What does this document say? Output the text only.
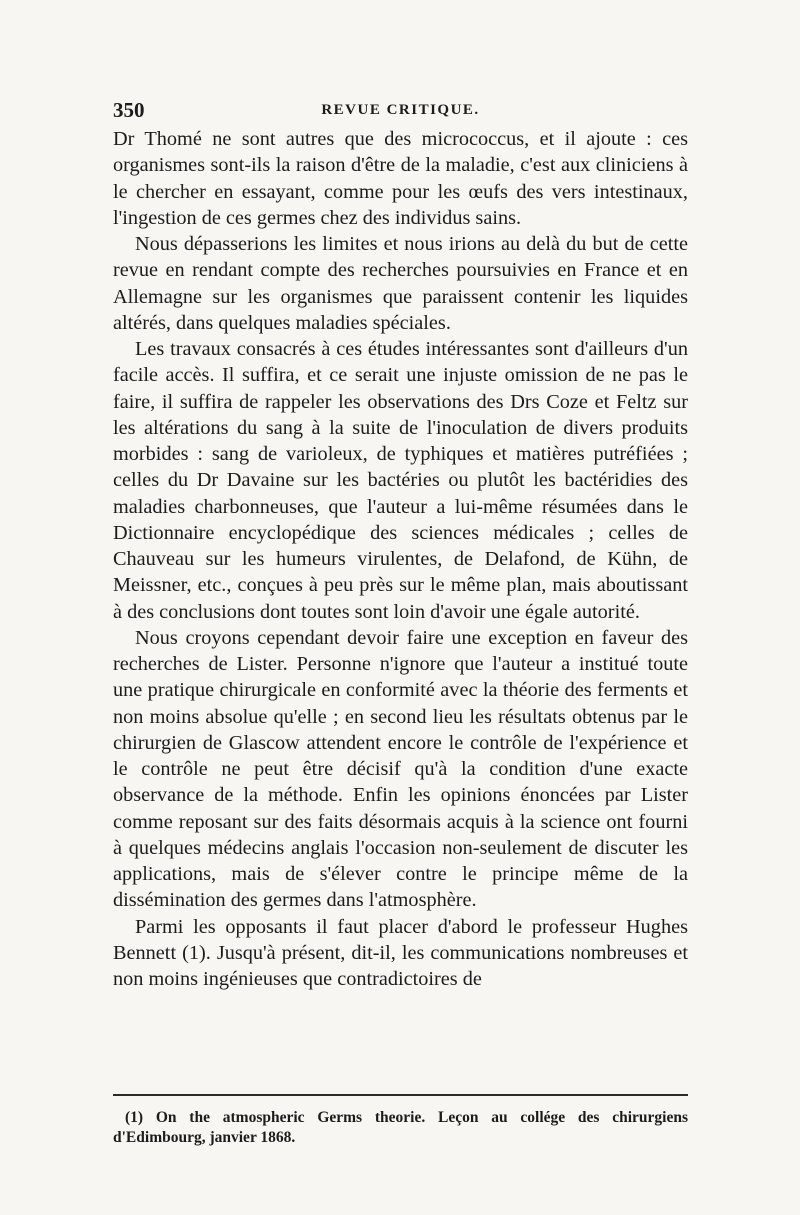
350	REVUE CRITIQUE.

Dr Thomé ne sont autres que des micrococcus, et il ajoute : ces organismes sont-ils la raison d'être de la maladie, c'est aux cliniciens à le chercher en essayant, comme pour les œufs des vers intestinaux, l'ingestion de ces germes chez des individus sains.

Nous dépasserions les limites et nous irions au delà du but de cette revue en rendant compte des recherches poursuivies en France et en Allemagne sur les organismes que paraissent contenir les liquides altérés, dans quelques maladies spéciales.

Les travaux consacrés à ces études intéressantes sont d'ailleurs d'un facile accès. Il suffira, et ce serait une injuste omission de ne pas le faire, il suffira de rappeler les observations des Drs Coze et Feltz sur les altérations du sang à la suite de l'inoculation de divers produits morbides : sang de varioleux, de typhiques et matières putréfiées ; celles du Dr Davaine sur les bactéries ou plutôt les bactéridies des maladies charbonneuses, que l'auteur a lui-même résumées dans le Dictionnaire encyclopédique des sciences médicales ; celles de Chauveau sur les humeurs virulentes, de Delafond, de Kühn, de Meissner, etc., conçues à peu près sur le même plan, mais aboutissant à des conclusions dont toutes sont loin d'avoir une égale autorité.

Nous croyons cependant devoir faire une exception en faveur des recherches de Lister. Personne n'ignore que l'auteur a institué toute une pratique chirurgicale en conformité avec la théorie des ferments et non moins absolue qu'elle ; en second lieu les résultats obtenus par le chirurgien de Glascow attendent encore le contrôle de l'expérience et le contrôle ne peut être décisif qu'à la condition d'une exacte observance de la méthode. Enfin les opinions énoncées par Lister comme reposant sur des faits désormais acquis à la science ont fourni à quelques médecins anglais l'occasion non-seulement de discuter les applications, mais de s'élever contre le principe même de la dissémination des germes dans l'atmosphère.

Parmi les opposants il faut placer d'abord le professeur Hughes Bennett (1). Jusqu'à présent, dit-il, les communications nombreuses et non moins ingénieuses que contradictoires de

(1) On the atmospheric Germs theorie. Leçon au collége des chirurgiens d'Edimbourg, janvier 1868.
